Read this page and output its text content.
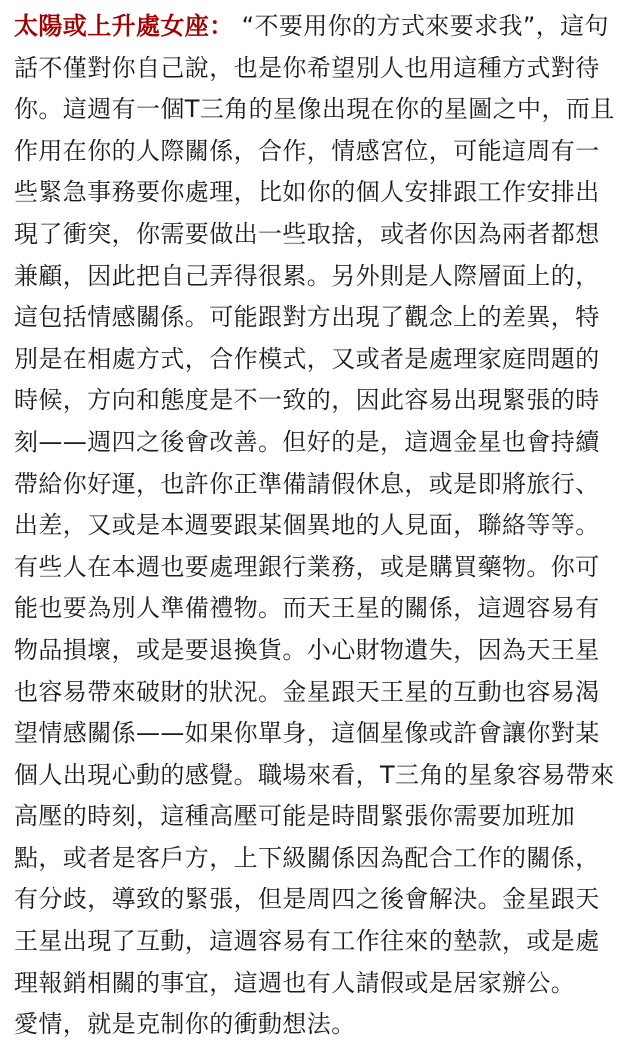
太陽或上升處女座： “不要用你的方式來要求我”，這句話不僅對你自己說，也是你希望別人也用這種方式對待你。這週有一個T三角的星像出現在你的星圖之中，而且作用在你的人際關係，合作，情感宮位，可能這周有一些緊急事務要你處理，比如你的個人安排跟工作安排出現了衝突，你需要做出一些取捨，或者你因為兩者都想兼顧，因此把自己弄得很累。另外則是人際層面上的，這包括情感關係。可能跟對方出現了觀念上的差異，特別是在相處方式，合作模式，又或者是處理家庭問題的時候，方向和態度是不一致的，因此容易出現緊張的時刻——週四之後會改善。但好的是，這週金星也會持續帶給你好運，也許你正準備請假休息，或是即將旅行、出差，又或是本週要跟某個異地的人見面，聯絡等等。有些人在本週也要處理銀行業務，或是購買藥物。你可能也要為別人準備禮物。而天王星的關係，這週容易有物品損壞，或是要退換貨。小心財物遺失，因為天王星也容易帶來破財的狀況。金星跟天王星的互動也容易渴望情感關係——如果你單身，這個星像或許會讓你對某個人出現心動的感覺。職場來看，T三角的星象容易帶來高壓的時刻，這種高壓可能是時間緊張你需要加班加點，或者是客戶方，上下級關係因為配合工作的關係，有分歧，導致的緊張，但是周四之後會解決。金星跟天王星出現了互動，這週容易有工作往來的墊款，或是處理報銷相關的事宜，這週也有人請假或是居家辦公。

愛情，就是克制你的衝動想法。
